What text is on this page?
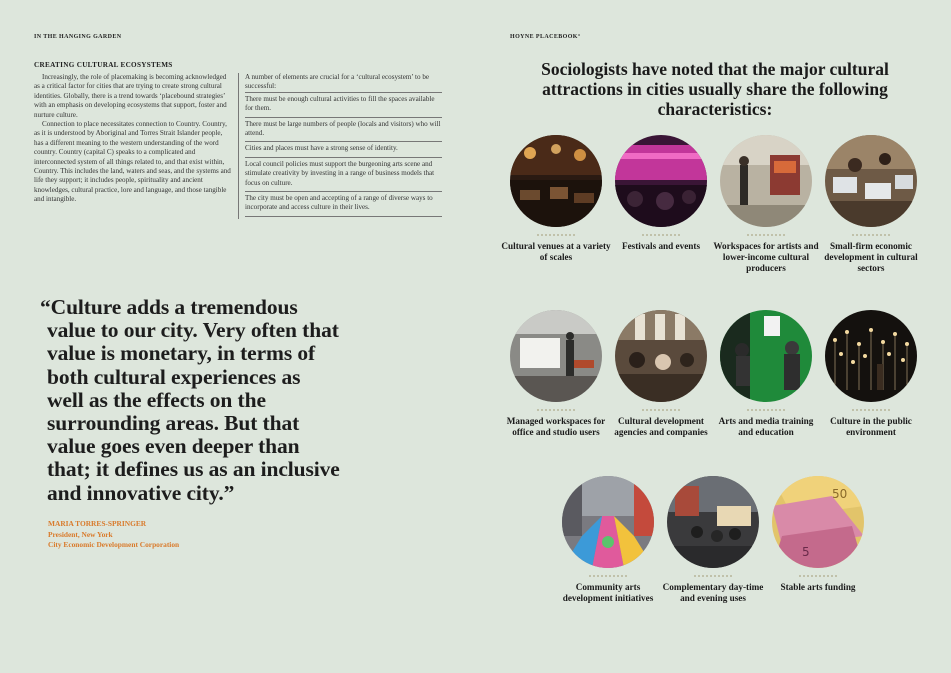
IN THE HANGING GARDEN	HOYNE PLACEBOOK°
CREATING CULTURAL ECOSYSTEMS

Increasingly, the role of placemaking is becoming acknowledged as a critical factor for cities that are trying to create strong cultural identities. Globally, there is a trend towards ‘placebound strategies’ with an emphasis on developing ecosystems that support, foster and nurture culture.

Connection to place necessitates connection to Country. Country, as it is understood by Aboriginal and Torres Strait Islander people, has a different meaning to the western understanding of the word country. Country (capital C) speaks to a complicated and interconnected system of all things related to, and that exist within, Country. This includes the land, waters and seas, and the systems and life they support; it includes people, spirituality and ancient knowledges, cultural practice, lore and language, and those tangible and intangible.

A number of elements are crucial for a ‘cultural ecosystem’ to be successful:
There must be enough cultural activities to fill the spaces available for them.
There must be large numbers of people (locals and visitors) who will attend.
Cities and places must have a strong sense of identity.
Local council policies must support the burgeoning arts scene and stimulate creativity by investing in a range of business models that focus on culture.
The city must be open and accepting of a range of diverse ways to incorporate and access culture in their lives.
“Culture adds a tremendous
value to our city. Very often that
value is monetary, in terms of
both cultural experiences as
well as the effects on the
surrounding areas. But that
value goes even deeper than
that; it defines us as an inclusive
and innovative city.”
MARIA TORRES-SPRINGER
President, New York
City Economic Development Corporation
Sociologists have noted that the major cultural attractions in cities usually share the following characteristics:
Cultural venues at a variety of scales
Festivals and events	Workspaces for artists and lower-income cultural producers
Small-firm economic development in cultural sectors
Managed workspaces for office and studio users
Cultural development agencies and companies
Arts and media training and education
Culture in the public environment
Community arts development initiatives
Complementary day-time and evening uses
50
5
Stable arts funding
